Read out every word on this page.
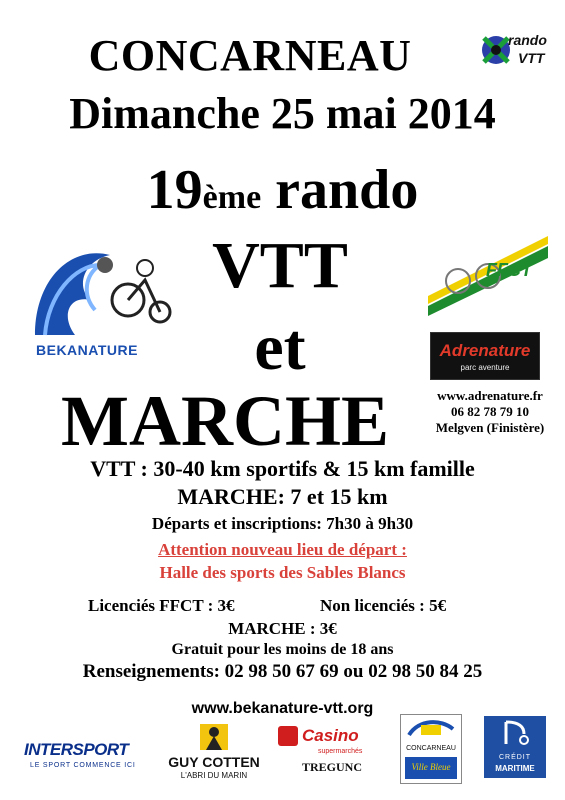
CONCARNEAU
Dimanche 25 mai 2014
19ème rando
VTT
et
MARCHE
rando
VTT
BEKANATURE
FFCT
Adrenature
parc aventure
www.adrenature.fr
06 82 78 79 10
Melgven (Finistère)
VTT : 30-40 km sportifs & 15 km famille
MARCHE: 7 et 15 km
Départs et inscriptions: 7h30 à 9h30
Attention nouveau lieu de départ :
Halle des sports des Sables Blancs
Licenciés FFCT : 3€	Non licenciés : 5€
MARCHE : 3€
Gratuit pour les moins de 18 ans
Renseignements: 02 98 50 67 69 ou 02 98 50 84 25
www.bekanature-vtt.org
INTERSPORT
LE SPORT COMMENCE ICI	GUY COTTEN
L'ABRI DU MARIN
Casino
supermarchés
TREGUNC
CONCARNEAU
Ville Bleue
CRÉDIT
MARITIME
